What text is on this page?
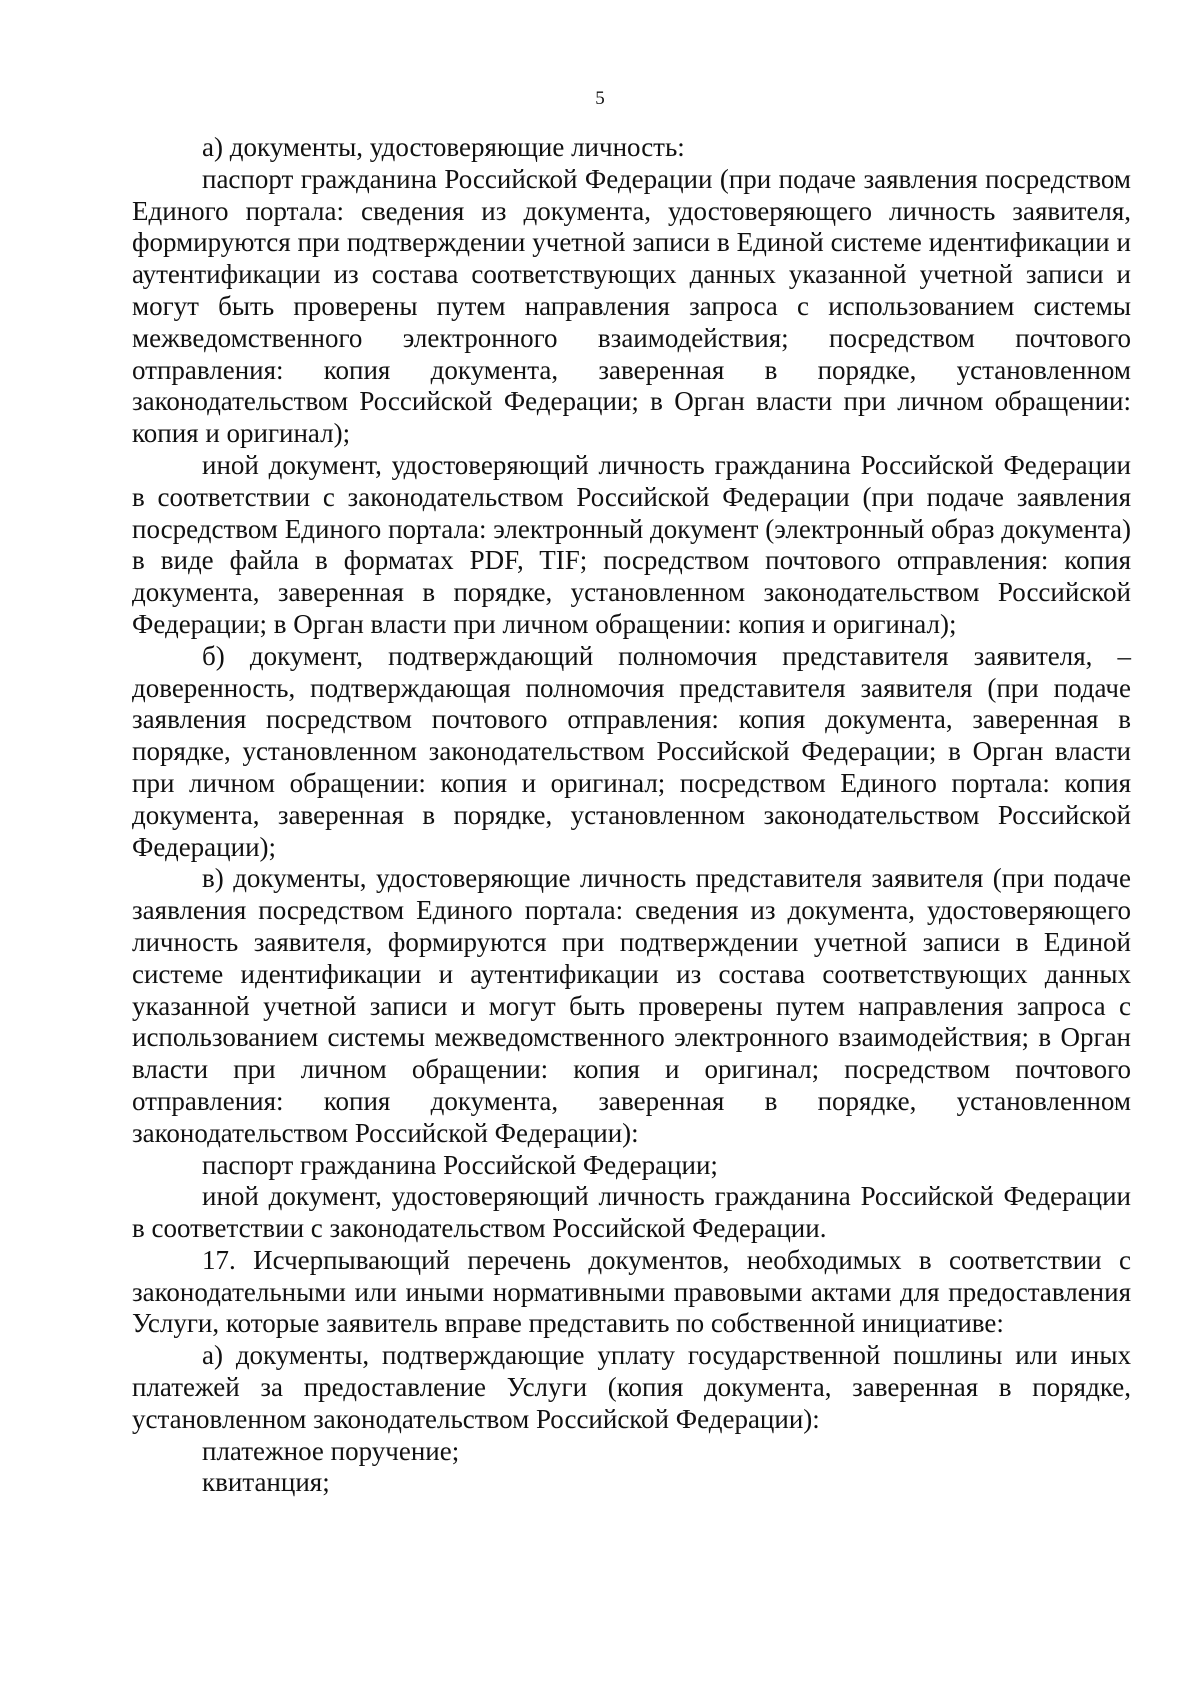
5

а) документы, удостоверяющие личность:

паспорт гражданина Российской Федерации (при подаче заявления посредством Единого портала: сведения из документа, удостоверяющего личность заявителя, формируются при подтверждении учетной записи в Единой системе идентификации и аутентификации из состава соответствующих данных указанной учетной записи и могут быть проверены путем направления запроса с использованием системы межведомственного электронного взаимодействия; посредством почтового отправления: копия документа, заверенная в порядке, установленном законодательством Российской Федерации; в Орган власти при личном обращении: копия и оригинал);

иной документ, удостоверяющий личность гражданина Российской Федерации в соответствии с законодательством Российской Федерации (при подаче заявления посредством Единого портала: электронный документ (электронный образ документа) в виде файла в форматах PDF, TIF; посредством почтового отправления: копия документа, заверенная в порядке, установленном законодательством Российской Федерации; в Орган власти при личном обращении: копия и оригинал);

б) документ, подтверждающий полномочия представителя заявителя, – доверенность, подтверждающая полномочия представителя заявителя (при подаче заявления посредством почтового отправления: копия документа, заверенная в порядке, установленном законодательством Российской Федерации; в Орган власти при личном обращении: копия и оригинал; посредством Единого портала: копия документа, заверенная в порядке, установленном законодательством Российской Федерации);

в) документы, удостоверяющие личность представителя заявителя (при подаче заявления посредством Единого портала: сведения из документа, удостоверяющего личность заявителя, формируются при подтверждении учетной записи в Единой системе идентификации и аутентификации из состава соответствующих данных указанной учетной записи и могут быть проверены путем направления запроса с использованием системы межведомственного электронного взаимодействия; в Орган власти при личном обращении: копия и оригинал; посредством почтового отправления: копия документа, заверенная в порядке, установленном законодательством Российской Федерации):

паспорт гражданина Российской Федерации;

иной документ, удостоверяющий личность гражданина Российской Федерации в соответствии с законодательством Российской Федерации.

17. Исчерпывающий перечень документов, необходимых в соответствии с законодательными или иными нормативными правовыми актами для предоставления Услуги, которые заявитель вправе представить по собственной инициативе:

а) документы, подтверждающие уплату государственной пошлины или иных платежей за предоставление Услуги (копия документа, заверенная в порядке, установленном законодательством Российской Федерации):

платежное поручение;

квитанция;
